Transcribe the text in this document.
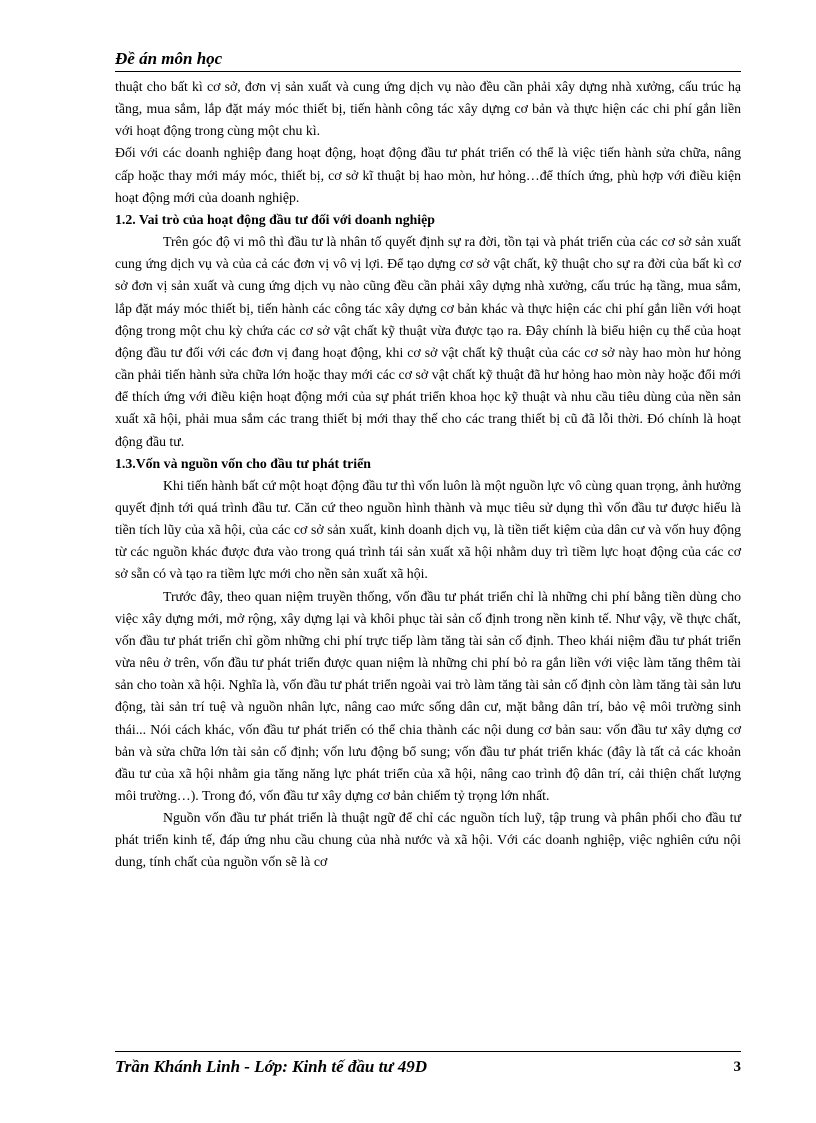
Đề án môn học

thuật cho bất kì cơ sở, đơn vị sản xuất và cung ứng dịch vụ nào đều cần phải xây dựng nhà xưởng, cấu trúc hạ tầng, mua sắm, lắp đặt máy móc thiết bị, tiến hành công tác xây dựng cơ bản và thực hiện các chi phí gắn liền với hoạt động trong cùng một chu kì.

Đối với các doanh nghiệp đang hoạt động, hoạt động đầu tư phát triển có thể là việc tiến hành sửa chữa, nâng cấp hoặc thay mới máy móc, thiết bị, cơ sở kĩ thuật bị hao mòn, hư hỏng…để thích ứng, phù hợp với điều kiện hoạt động mới của doanh nghiệp.

1.2. Vai trò của hoạt động đầu tư đối với doanh nghiệp

Trên góc độ vi mô thì đầu tư là nhân tố quyết định sự ra đời, tồn tại và phát triển của các cơ sở sản xuất cung ứng dịch vụ và của cả các đơn vị vô vị lợi. Để tạo dựng cơ sở vật chất, kỹ thuật cho sự ra đời của bất kì cơ sở đơn vị sản xuất và cung ứng dịch vụ nào cũng đều cần phải xây dựng nhà xưởng, cấu trúc hạ tầng, mua sắm, lắp đặt máy móc thiết bị, tiến hành các công tác xây dựng cơ bản khác và thực hiện các chi phí gắn liền với hoạt động trong một chu kỳ chứa các cơ sở vật chất kỹ thuật vừa được tạo ra. Đây chính là biểu hiện cụ thể của hoạt động đầu tư đối với các đơn vị đang hoạt động, khi cơ sở vật chất kỹ thuật của các cơ sở này hao mòn hư hỏng cần phải tiến hành sửa chữa lớn hoặc thay mới các cơ sở vật chất kỹ thuật đã hư hỏng hao mòn này hoặc đổi mới để thích ứng với điều kiện hoạt động mới của sự phát triển khoa học kỹ thuật và nhu cầu tiêu dùng của nền sản xuất xã hội, phải mua sắm các trang thiết bị mới thay thế cho các trang thiết bị cũ đã lỗi thời. Đó chính là hoạt động đầu tư.

1.3.Vốn và nguồn vốn cho đầu tư phát triển

Khi tiến hành bất cứ một hoạt động đầu tư thì vốn luôn là một nguồn lực vô cùng quan trọng, ảnh hưởng quyết định tới quá trình đầu tư. Căn cứ theo nguồn hình thành và mục tiêu sử dụng thì vốn đầu tư được hiểu là tiền tích lũy của xã hội, của các cơ sở sản xuất, kinh doanh dịch vụ, là tiền tiết kiệm của dân cư và vốn huy động từ các nguồn khác được đưa vào trong quá trình tái sản xuất xã hội nhằm duy trì tiềm lực hoạt động của các cơ sở sẵn có và tạo ra tiềm lực mới cho nền sản xuất xã hội.

Trước đây, theo quan niệm truyền thống, vốn đầu tư phát triển chỉ là những chi phí bằng tiền dùng cho việc xây dựng mới, mở rộng, xây dựng lại và khôi phục tài sản cố định trong nền kinh tế. Như vậy, về thực chất, vốn đầu tư phát triển chỉ gồm những chi phí trực tiếp làm tăng tài sản cố định. Theo khái niệm đầu tư phát triển vừa nêu ở trên, vốn đầu tư phát triển được quan niệm là những chi phí bỏ ra gắn liền với việc làm tăng thêm tài sản cho toàn xã hội. Nghĩa là, vốn đầu tư phát triển ngoài vai trò làm tăng tài sản cố định còn làm tăng tài sản lưu động, tài sản trí tuệ và nguồn nhân lực, nâng cao mức sống dân cư, mặt bằng dân trí, bảo vệ môi trường sinh thái... Nói cách khác, vốn đầu tư phát triển có thể chia thành các nội dung cơ bản sau: vốn đầu tư xây dựng cơ bản và sửa chữa lớn tài sản cố định; vốn lưu động bổ sung; vốn đầu tư phát triển khác (đây là tất cả các khoản đầu tư của xã hội nhằm gia tăng năng lực phát triển của xã hội, nâng cao trình độ dân trí, cải thiện chất lượng môi trường…). Trong đó, vốn đầu tư xây dựng cơ bản chiếm tỷ trọng lớn nhất.

Nguồn vốn đầu tư phát triển là thuật ngữ để chỉ các nguồn tích luỹ, tập trung và phân phối cho đầu tư phát triển kinh tế, đáp ứng nhu cầu chung của nhà nước và xã hội. Với các doanh nghiệp, việc nghiên cứu nội dung, tính chất của nguồn vốn sẽ là cơ

Trần Khánh Linh - Lớp: Kinh tế đầu tư 49D	3
